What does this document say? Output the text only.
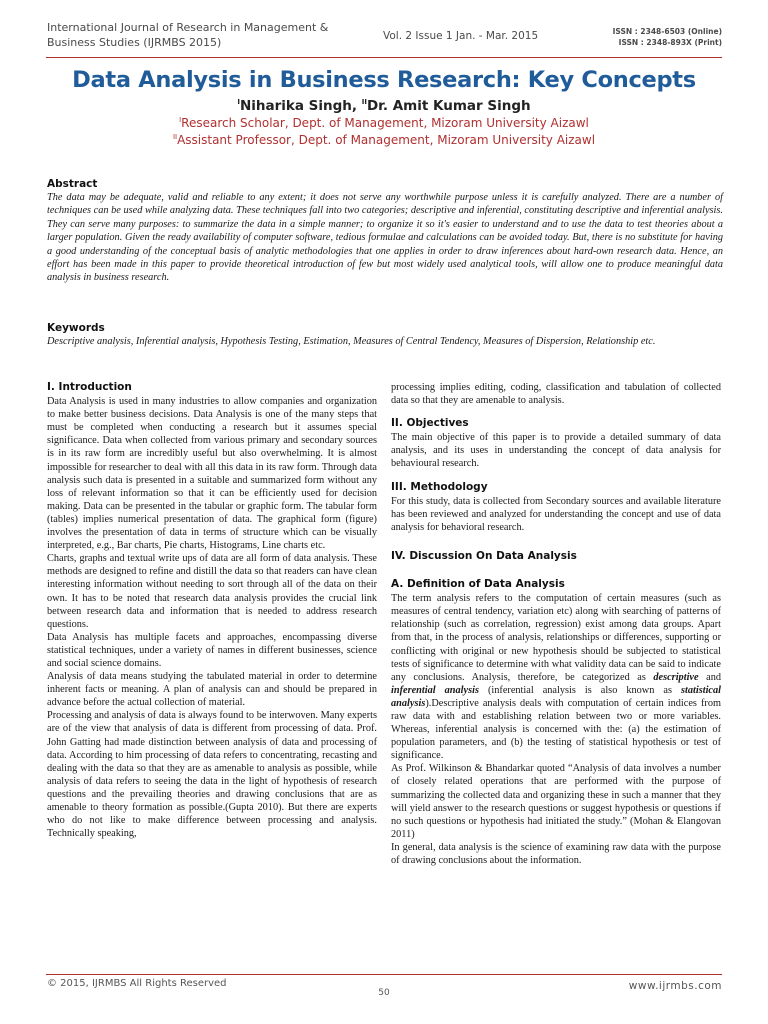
International Journal of Research in Management &
Business Studies (IJRMBS 2015)	Vol. 2 Issue 1 Jan. - Mar. 2015	ISSN : 2348-6503 (Online)
ISSN : 2348-893X (Print)
Data Analysis in Business Research: Key Concepts
$^I$Niharika Singh, $^{II}$Dr. Amit Kumar Singh
$^I$Research Scholar, Dept. of Management, Mizoram University Aizawl
$^{II}$Assistant Professor, Dept. of Management, Mizoram University Aizawl
Abstract
The data may be adequate, valid and reliable to any extent; it does not serve any worthwhile purpose unless it is carefully analyzed. There are a number of techniques can be used while analyzing data. These techniques fall into two categories; descriptive and inferential, constituting descriptive and inferential analysis. They can serve many purposes: to summarize the data in a simple manner; to organize it so it's easier to understand and to use the data to test theories about a larger population. Given the ready availability of computer software, tedious formulae and calculations can be avoided today. But, there is no substitute for having a good understanding of the conceptual basis of analytic methodologies that one applies in order to draw inferences about hard-own research data. Hence, an effort has been made in this paper to provide theoretical introduction of few but most widely used analytical tools, will allow one to produce meaningful data analysis in business research.
Keywords
Descriptive analysis, Inferential analysis, Hypothesis Testing, Estimation, Measures of Central Tendency, Measures of Dispersion, Relationship etc.
I. Introduction

Data Analysis is used in many industries to allow companies and organization to make better business decisions. Data Analysis is one of the many steps that must be completed when conducting a research but it assumes special significance. Data when collected from various primary and secondary sources is in its raw form are incredibly useful but also overwhelming. It is almost impossible for researcher to deal with all this data in its raw form. Through data analysis such data is presented in a suitable and summarized form without any loss of relevant information so that it can be efficiently used for decision making. Data can be presented in the tabular or graphic form. The tabular form (tables) implies numerical presentation of data. The graphical form (figure) involves the presentation of data in terms of structure which can be visually interpreted, e.g., Bar charts, Pie charts, Histograms, Line charts etc.

Charts, graphs and textual write ups of data are all form of data analysis. These methods are designed to refine and distill the data so that readers can have clean interesting information without needing to sort through all of the data on their own. It has to be noted that research data analysis provides the crucial link between research data and information that is needed to address research questions.

Data Analysis has multiple facets and approaches, encompassing diverse statistical techniques, under a variety of names in different businesses, science and social science domains.

Analysis of data means studying the tabulated material in order to determine inherent facts or meaning. A plan of analysis can and should be prepared in advance before the actual collection of material.

Processing and analysis of data is always found to be interwoven. Many experts are of the view that analysis of data is different from processing of data. Prof. John Gatting had made distinction between analysis of data and processing of data. According to him processing of data refers to concentrating, recasting and dealing with the data so that they are as amenable to analysis as possible, while analysis of data refers to seeing the data in the light of hypothesis of research questions and the prevailing theories and drawing conclusions that are as amenable to theory formation as possible.(Gupta 2010). But there are experts who do not like to make difference between processing and analysis. Technically speaking,

processing implies editing, coding, classification and tabulation of collected data so that they are amenable to analysis.

II. Objectives

The main objective of this paper is to provide a detailed summary of data analysis, and its uses in understanding the concept of data analysis for behavioural research.

III. Methodology

For this study, data is collected from Secondary sources and available literature has been reviewed and analyzed for understanding the concept and use of data analysis for behavioral research.

IV. Discussion On Data Analysis
A. Definition of Data Analysis

The term analysis refers to the computation of certain measures (such as measures of central tendency, variation etc) along with searching of patterns of relationship (such as correlation, regression) exist among data groups. Apart from that, in the process of analysis, relationships or differences, supporting or conflicting with original or new hypothesis should be subjected to statistical tests of significance to determine with what validity data can be said to indicate any conclusions. Analysis, therefore, be categorized as descriptive and inferential analysis (inferential analysis is also known as statistical analysis).Descriptive analysis deals with computation of certain indices from raw data with and establishing relation between two or more variables. Whereas, inferential analysis is concerned with the: (a) the estimation of population parameters, and (b) the testing of statistical hypothesis or test of significance.

As Prof. Wilkinson & Bhandarkar quoted “Analysis of data involves a number of closely related operations that are performed with the purpose of summarizing the collected data and organizing these in such a manner that they will yield answer to the research questions or suggest hypothesis or questions if no such questions or hypothesis had initiated the study.” (Mohan & Elangovan 2011)

In general, data analysis is the science of examining raw data with the purpose of drawing conclusions about the information.

© 2015, IJRMBS All Rights Reserved
50
www.ijrmbs.com
